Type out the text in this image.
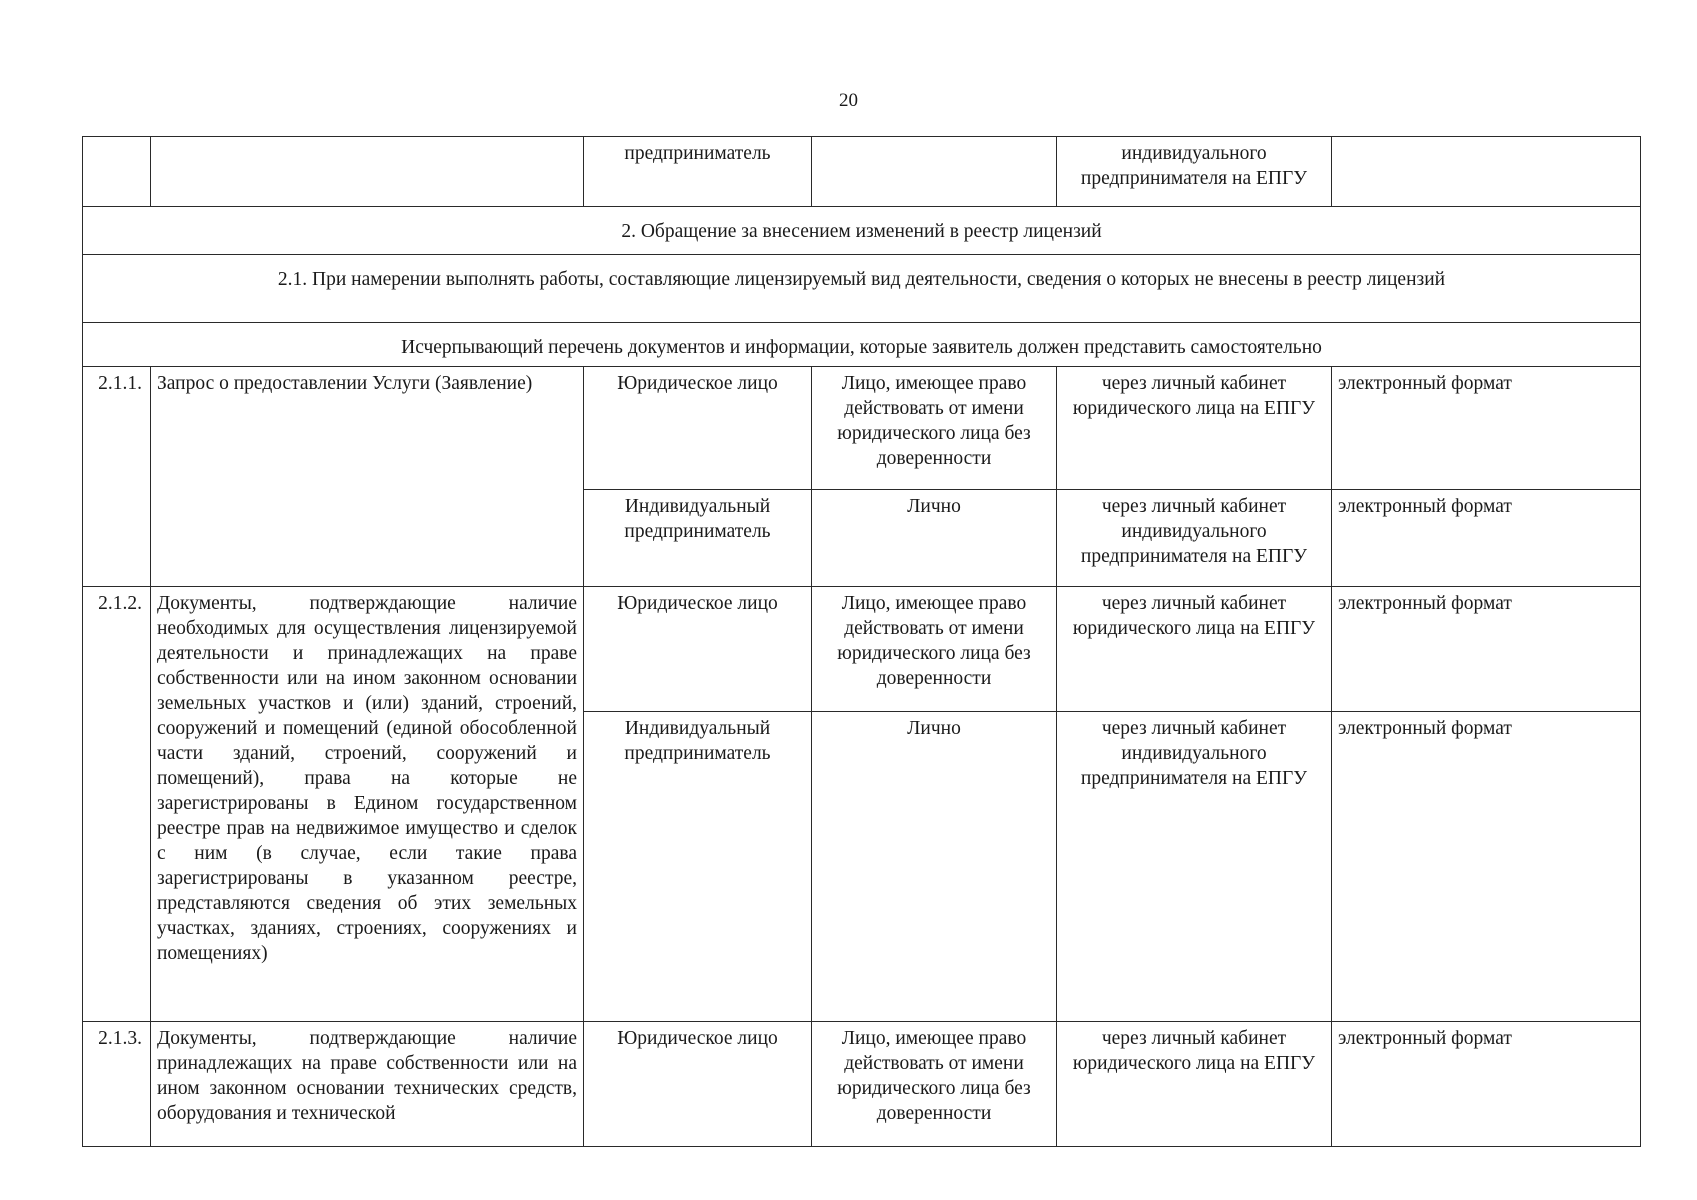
20
		предприниматель		индивидуального предпринимателя на ЕПГУ	
2. Обращение за внесением изменений в реестр лицензий					
2.1. При намерении выполнять работы, составляющие лицензируемый вид деятельности, сведения о которых не внесены в реестр лицензий					
Исчерпывающий перечень документов и информации, которые заявитель должен представить самостоятельно					
2.1.1.	Запрос о предоставлении Услуги (Заявление)	Юридическое лицо	Лицо, имеющее право действовать от имени юридического лица без доверенности	через личный кабинет юридического лица на ЕПГУ	электронный формат
		Индивидуальный предприниматель	Лично	через личный кабинет индивидуального предпринимателя на ЕПГУ	электронный формат
2.1.2.	Документы, подтверждающие наличие необходимых для осуществления лицензируемой деятельности и принадлежащих на праве собственности или на ином законном основании земельных участков и (или) зданий, строений, сооружений и помещений (единой обособленной части зданий, строений, сооружений и помещений), права на которые не зарегистрированы в Едином государственном реестре прав на недвижимое имущество и сделок с ним (в случае, если такие права зарегистрированы в указанном реестре, представляются сведения об этих земельных участках, зданиях, строениях, сооружениях и помещениях)	Юридическое лицо	Лицо, имеющее право действовать от имени юридического лица без доверенности	через личный кабинет юридического лица на ЕПГУ	электронный формат
		Индивидуальный предприниматель	Лично	через личный кабинет индивидуального предпринимателя на ЕПГУ	электронный формат
2.1.3.	Документы, подтверждающие наличие принадлежащих на праве собственности или на ином законном основании технических средств, оборудования и технической	Юридическое лицо	Лицо, имеющее право действовать от имени юридического лица без доверенности	через личный кабинет юридического лица на ЕПГУ	электронный формат
